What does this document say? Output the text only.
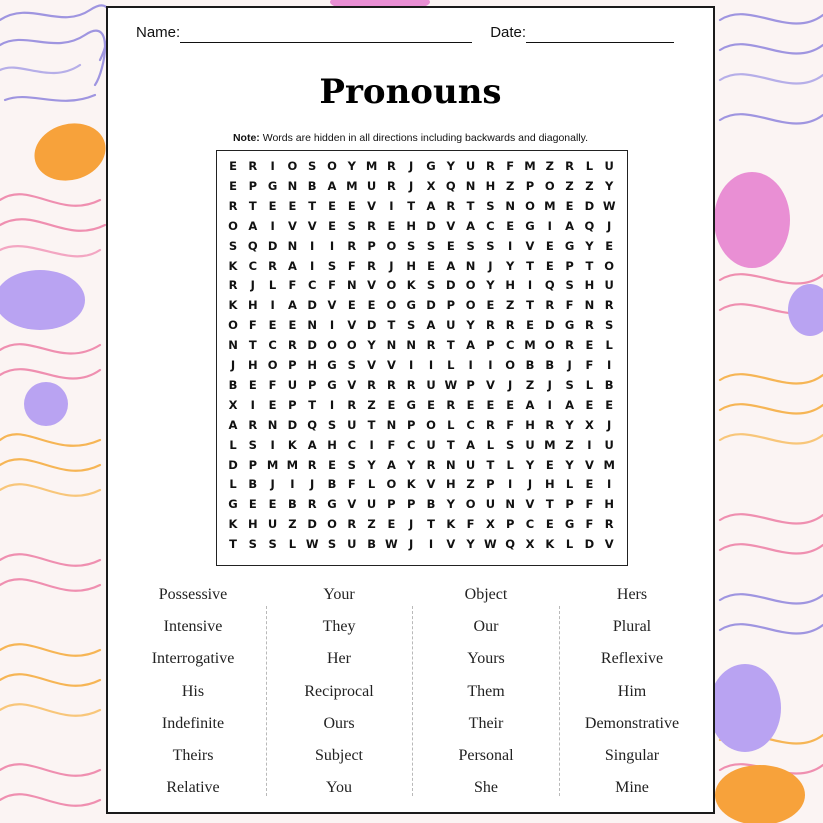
Name:	Date:
Pronouns
Note: Words are hidden in all directions including backwards and diagonally.
E R	I	O S O Y M R	J	G Y U R F M Z R	L U
E	P G N B A M U R	J	X Q N H Z P O Z Z Y
R T	E	E	T	E	E V	I	T A R T	S N O M E D W
O A	I	V V E	S R E H D V A C	E G	I	A Q	J
S Q D N	I	I	R P O S	S	E	S	S	I	V E G Y	E
K C R A	I	S	F R	J	H E A N	J	Y	T	E	P	T O
R	J	L	F	C	F N V O K S D O Y H	I	Q S H U
K H	I	A D V E	E O G D P O E	Z	T R F N R
O F	E	E N	I	V D T	S A U Y R R E D G R S
N T	C R D O O Y N N R T A P C M O R E	L
J	H O P H G S V V	I	I	L	I	I	O B B	J	F	I
B E	F U P G V R R R U W P V	J	Z	J	S	L	B
X	I	E	P	T	I	R Z	E G E R E	E	E A	I	A E	E
A R N D Q S U T N P O L	C R F H R Y X	J
L	S	I	K A H C	I	F	C U T A	L	S U M Z	I	U
D P M M R E	S Y A Y R N U T	L	Y	E	Y V M
L	B	J	I	J	B F	L O K V H Z P	I	J	H L	E	I
G E	E B R G V U P P B Y O U N V T	P	F H
K H U Z D O R Z	E	J	T K F X P C	E G F R
T	S	S	L W S U B W J	I	V Y W Q X K	L D V
Possessive
Intensive
Interrogative
His
Indefinite
Theirs
Relative
Your
They
Her
Reciprocal
Ours
Subject
You
Object
Our
Yours
Them
Their
Personal
She
Hers
Plural
Reflexive
Him
Demonstrative
Singular
Mine
